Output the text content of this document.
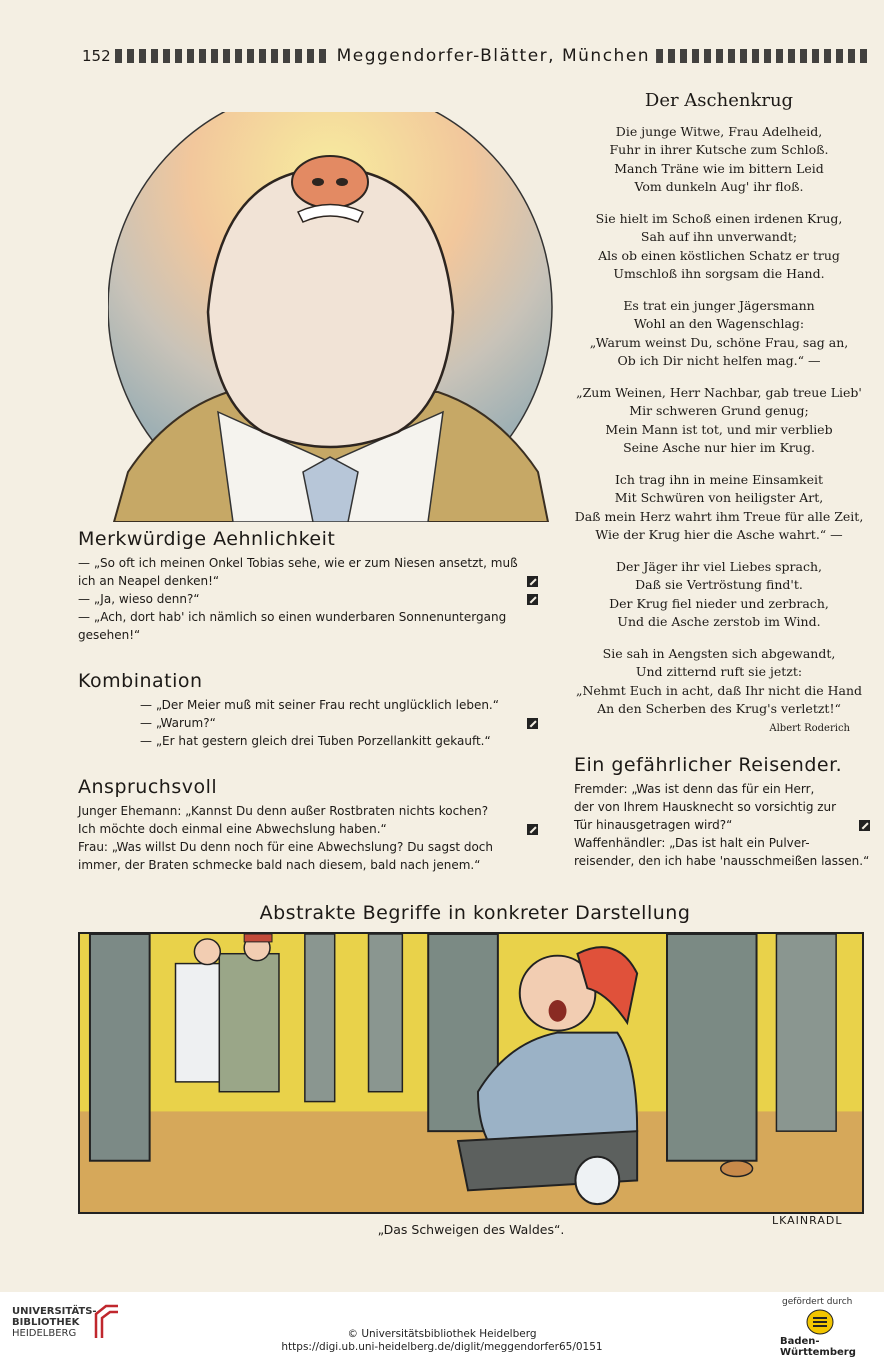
152	Meggendorfer-Blätter, München
Der Aschenkrug
Die junge Witwe, Frau Adelheid,
Fuhr in ihrer Kutsche zum Schloß.
Manch Träne wie im bittern Leid
Vom dunkeln Aug' ihr floß.
Sie hielt im Schoß einen irdenen Krug,
Sah auf ihn unverwandt;
Als ob einen köstlichen Schatz er trug
Umschloß ihn sorgsam die Hand.
Es trat ein junger Jägersmann
Wohl an den Wagenschlag:
„Warum weinst Du, schöne Frau, sag an,
Ob ich Dir nicht helfen mag.“ —
„Zum Weinen, Herr Nachbar, gab treue Lieb'
Mir schweren Grund genug;
Mein Mann ist tot, und mir verblieb
Seine Asche nur hier im Krug.
Ich trag ihn in meine Einsamkeit
Mit Schwüren von heiligster Art,
Daß mein Herz wahrt ihm Treue für alle Zeit,
Wie der Krug hier die Asche wahrt.“ —
Der Jäger ihr viel Liebes sprach,
Daß sie Vertröstung find't.
Der Krug fiel nieder und zerbrach,
Und die Asche zerstob im Wind.
Sie sah in Aengsten sich abgewandt,
Und zitternd ruft sie jetzt:
„Nehmt Euch in acht, daß Ihr nicht die Hand
An den Scherben des Krug's verletzt!“
Albert Roderich
Merkwürdige Aehnlichkeit
— „So oft ich meinen Onkel Tobias sehe, wie er zum Niesen ansetzt, muß
ich an Neapel denken!“
— „Ja, wieso denn?“
— „Ach, dort hab' ich nämlich so einen wunderbaren Sonnenuntergang
gesehen!“
Kombination
— „Der Meier muß mit seiner Frau recht unglücklich leben.“
— „Warum?“
— „Er hat gestern gleich drei Tuben Porzellankitt gekauft.“
Anspruchsvoll
Junger Ehemann: „Kannst Du denn außer Rostbraten nichts kochen?
Ich möchte doch einmal eine Abwechslung haben.“
Frau: „Was willst Du denn noch für eine Abwechslung? Du sagst doch
immer, der Braten schmecke bald nach diesem, bald nach jenem.“
Ein gefährlicher Reisender.
Fremder: „Was ist denn das für ein Herr,
der von Ihrem Hausknecht so vorsichtig zur
Tür hinausgetragen wird?“
Waffenhändler: „Das ist halt ein Pulver-
reisender, den ich habe 'nausschmeißen lassen.“
Abstrakte Begriffe in konkreter Darstellung
„Das Schweigen des Waldes“.
LKAINRADL
UNIVERSITÄTS-
BIBLIOTHEK
HEIDELBERG
gefördert durch
Baden-Württemberg
© Universitätsbibliothek Heidelberg
https://digi.ub.uni-heidelberg.de/diglit/meggendorfer65/0151
